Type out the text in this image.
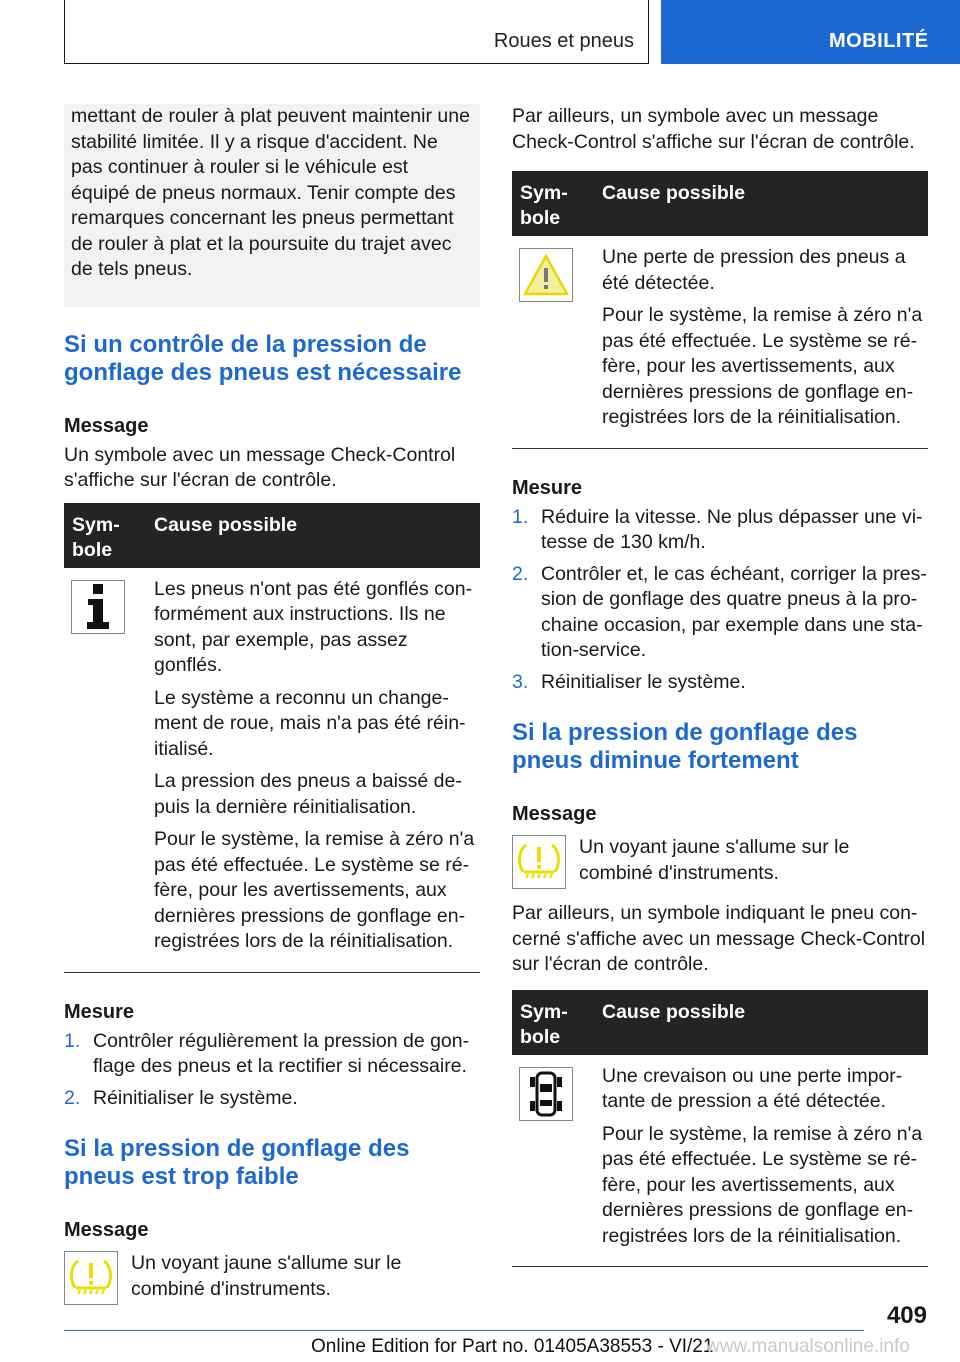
Roues et pneus	MOBILITÉ
mettant de rouler à plat peuvent maintenir une stabilité limitée. Il y a risque d'accident. Ne pas continuer à rouler si le véhicule est équipé de pneus normaux. Tenir compte des remarques concernant les pneus permettant de rouler à plat et la poursuite du trajet avec de tels pneus.
Si un contrôle de la pression de gonflage des pneus est nécessaire
Message

Un symbole avec un message Check-Control s'affiche sur l'écran de contrôle.

Sym-bole
Cause possible

Les pneus n'ont pas été gonflés con-formément aux instructions. Ils ne sont, par exemple, pas assez gonflés.

Le système a reconnu un change-ment de roue, mais n'a pas été réin-itialisé.

La pression des pneus a baissé de-puis la dernière réinitialisation.

Pour le système, la remise à zéro n'a pas été effectuée. Le système se ré-fère, pour les avertissements, aux dernières pressions de gonflage en-registrées lors de la réinitialisation.

Mesure
1. Contrôler régulièrement la pression de gon-flage des pneus et la rectifier si nécessaire.
2. Réinitialiser le système.
Si la pression de gonflage des pneus est trop faible
Message

Un voyant jaune s'allume sur le combiné d'instruments.

Par ailleurs, un symbole avec un message Check-Control s'affiche sur l'écran de contrôle.

Sym-bole
Cause possible

Une perte de pression des pneus a été détectée.

Pour le système, la remise à zéro n'a pas été effectuée. Le système se ré-fère, pour les avertissements, aux dernières pressions de gonflage en-registrées lors de la réinitialisation.

Mesure
1. Réduire la vitesse. Ne plus dépasser une vi-tesse de 130 km/h.
2. Contrôler et, le cas échéant, corriger la pres-sion de gonflage des quatre pneus à la pro-chaine occasion, par exemple dans une sta-tion-service.
3. Réinitialiser le système.
Si la pression de gonflage des pneus diminue fortement
Message

Un voyant jaune s'allume sur le combiné d'instruments.

Par ailleurs, un symbole indiquant le pneu con-cerné s'affiche avec un message Check-Control sur l'écran de contrôle.

Sym-bole
Cause possible

Une crevaison ou une perte impor-tante de pression a été détectée.

Pour le système, la remise à zéro n'a pas été effectuée. Le système se ré-fère, pour les avertissements, aux dernières pressions de gonflage en-registrées lors de la réinitialisation.

409
Online Edition for Part no. 01405A38553 - VI/21
www.manualsonline.info
